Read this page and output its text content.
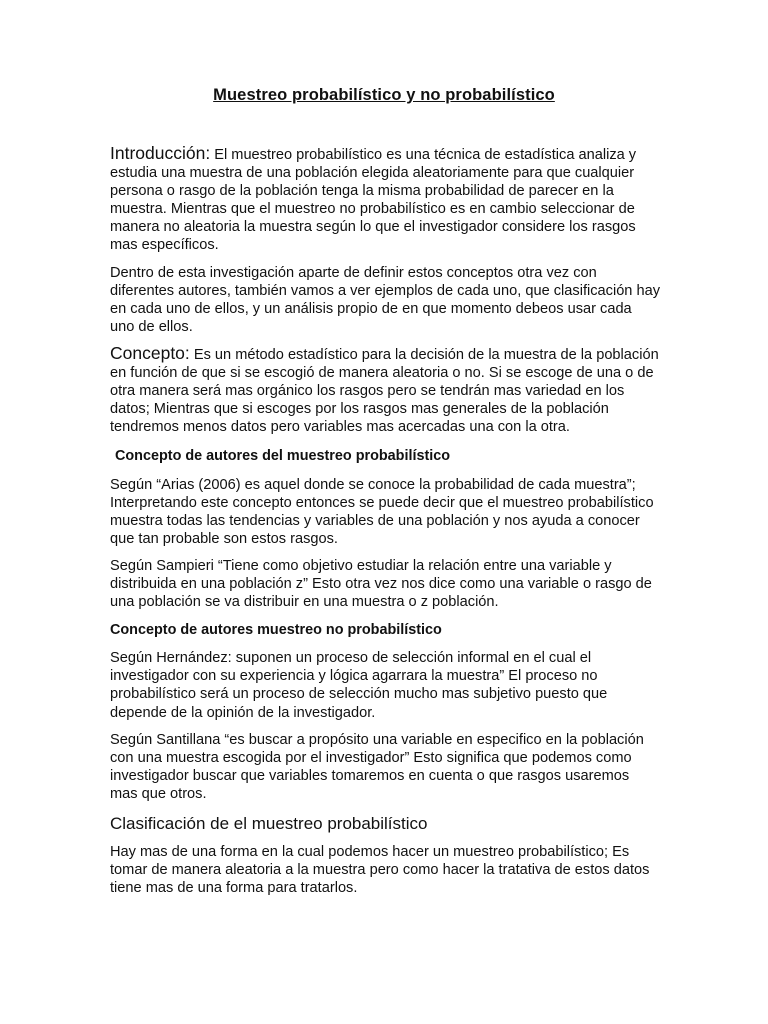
Muestreo probabilístico y no probabilístico

Introducción: El muestreo probabilístico es una técnica de estadística analiza y estudia una muestra de una población elegida aleatoriamente para que cualquier persona o rasgo de la población tenga la misma probabilidad de parecer en la muestra. Mientras que el muestreo no probabilístico es en cambio seleccionar de manera no aleatoria la muestra según lo que el investigador considere los rasgos mas específicos.

Dentro de esta investigación aparte de definir estos conceptos otra vez con diferentes autores, también vamos a ver ejemplos de cada uno, que clasificación hay en cada uno de ellos, y un análisis propio de en que momento debeos usar cada uno de ellos.

Concepto: Es un método estadístico para la decisión de la muestra de la población en función de que si se escogió de manera aleatoria o no. Si se escoge de una o de otra manera será mas orgánico los rasgos pero se tendrán mas variedad en los datos; Mientras que si escoges por los rasgos mas generales de la población tendremos menos datos pero variables mas acercadas una con la otra.

Concepto de autores del muestreo probabilístico

Según “Arias (2006) es aquel donde se conoce la probabilidad de cada muestra”; Interpretando este concepto entonces se puede decir que el muestreo probabilístico muestra todas las tendencias y variables de una población y nos ayuda a conocer que tan probable son estos rasgos.

Según Sampieri “Tiene como objetivo estudiar la relación entre una variable y distribuida en una población z” Esto otra vez nos dice como una variable o rasgo de una población se va distribuir en una muestra o z población.

Concepto de autores muestreo no probabilístico

Según Hernández: suponen un proceso de selección informal en el cual el investigador con su experiencia y lógica agarrara la muestra” El proceso no probabilístico será un proceso de selección mucho mas subjetivo puesto que depende de la opinión de la investigador.

Según Santillana “es buscar a propósito una variable en especifico en la población con una muestra escogida por el investigador” Esto significa que podemos como investigador buscar que variables tomaremos en cuenta o que rasgos usaremos mas que otros.

Clasificación de el muestreo probabilístico

Hay mas de una forma en la cual podemos hacer un muestreo probabilístico; Es tomar de manera aleatoria a la muestra pero como hacer la tratativa de estos datos tiene mas de una forma para tratarlos.
